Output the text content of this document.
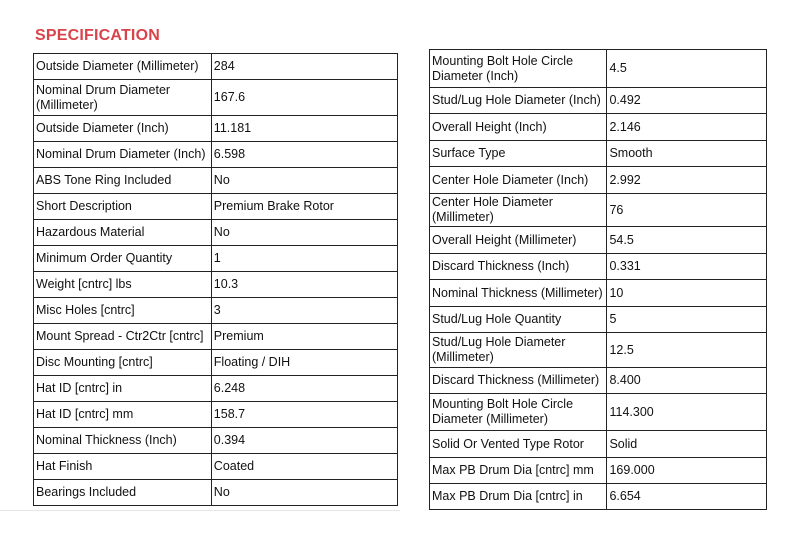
SPECIFICATION
Outside Diameter (Millimeter)	284
Nominal Drum Diameter (Millimeter)	167.6
Outside Diameter (Inch)	11.181
Nominal Drum Diameter (Inch)	6.598
ABS Tone Ring Included	No
Short Description	Premium Brake Rotor
Hazardous Material	No
Minimum Order Quantity	1
Weight [cntrc] lbs	10.3
Misc Holes [cntrc]	3
Mount Spread - Ctr2Ctr [cntrc]	Premium
Disc Mounting [cntrc]	Floating / DIH
Hat ID [cntrc] in	6.248
Hat ID [cntrc] mm	158.7
Nominal Thickness (Inch)	0.394
Hat Finish	Coated
Bearings Included	No
Mounting Bolt Hole Circle Diameter (Inch)	4.5
Stud/Lug Hole Diameter (Inch)	0.492
Overall Height (Inch)	2.146
Surface Type	Smooth
Center Hole Diameter (Inch)	2.992
Center Hole Diameter (Millimeter)	76
Overall Height (Millimeter)	54.5
Discard Thickness (Inch)	0.331
Nominal Thickness (Millimeter)	10
Stud/Lug Hole Quantity	5
Stud/Lug Hole Diameter (Millimeter)	12.5
Discard Thickness (Millimeter)	8.400
Mounting Bolt Hole Circle Diameter (Millimeter)	114.300
Solid Or Vented Type Rotor	Solid
Max PB Drum Dia [cntrc] mm	169.000
Max PB Drum Dia [cntrc] in	6.654
